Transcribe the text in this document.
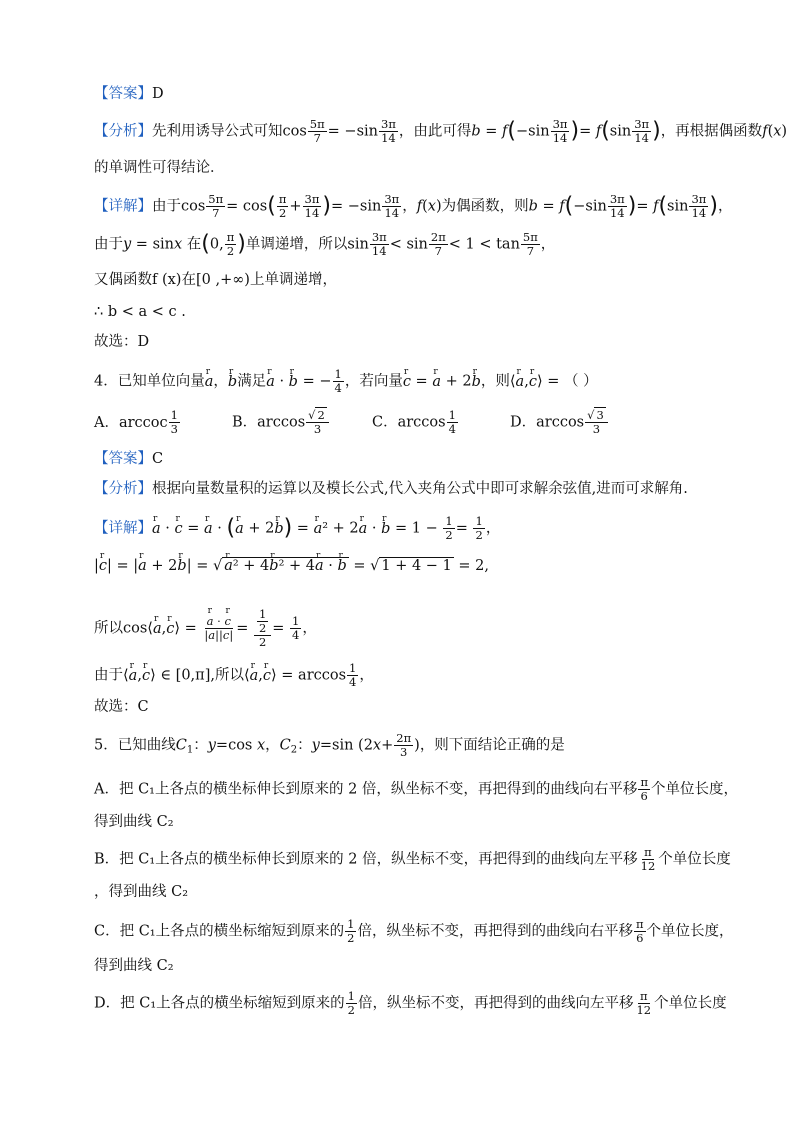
【答案】D
【分析】先利用诱导公式可知$\cos \frac{5\pi}{7} = -\sin \frac{3\pi}{14}$ ，由此可得$b = f(-\sin \frac{3\pi}{14}$ )= $f(\sin \frac{3\pi}{14}$ )，再根据偶函数f(x)
的单调性可得结论．
【详解】由于$\cos \frac{5\pi}{7} = \cos( \frac{\pi}{2} + \frac{3\pi}{14}$ )= $-\sin \frac{3\pi}{14}$ ，f(x)为偶函数，则$b = f(-\sin \frac{3\pi}{14}$ )= $f(\sin \frac{3\pi}{14}$ )，
由于y = sinx 在(0, $\frac{\pi}{2}$ )单调递增，所以$\sin \frac{3\pi}{14} < \sin \frac{2\pi}{7} < 1 < \tan \frac{5\pi}{7}$ ，
又偶函数f (x)在[0 ,+∞)上单调递增，
∴ b < a < c .
故选：D
4．已知单位向量r a，r b满足r a · r b = − $\frac{1}{4}$ ，若向量r c = r a + 2r b，则⟨r a,r c⟩ = （ ）
A．arccoc $\frac{1}{3}$	B．$\arccos \frac{√ 2}{3}$	C．$\arccos \frac{1}{4}$	D．$\arccos \frac{√ 3}{3}$
【答案】C
【分析】根据向量数量积的运算以及模长公式,代入夹角公式中即可求解余弦值,进而可求解角.
【详解】r a · r c = r a · (r a + 2r b) = r a² + 2r a · r $b = 1 - \frac{1}{2} = \frac{1}{2}$ ，
|r c| = |r a + 2r b| = √ r a² + 4r b² + 4r a · r b = √ 1 + 4 − 1 = 2,
所以cos⟨r a,r c⟩ = r $\frac{\text{a · r c}}{|a||c|} = \frac{\frac{1}{2}}{2} = \frac{1}{4}$ ，
由于⟨r a,r c⟩ ∈ [0,π],所以⟨r a,r c⟩ = $\arccos \frac{1}{4}$ ，
故选：C
5．已知曲线$C_1$：y=cos x，$C_2$：y=sin ($2x+ \frac{2\pi}{3}$ )，则下面结论正确的是
A．把 C₁上各点的横坐标伸长到原来的 2 倍，纵坐标不变，再把得到的曲线向右平移 $\frac{\pi}{6}$ 个单位长度，
得到曲线 C₂
B．把 C₁上各点的横坐标伸长到原来的 2 倍，纵坐标不变，再把得到的曲线向左平移 $\frac{\pi}{12}$ 个单位长度
，得到曲线 C₂
C．把 C₁上各点的横坐标缩短到原来的 $\frac{1}{2}$ 倍，纵坐标不变，再把得到的曲线向右平移 $\frac{\pi}{6}$ 个单位长度，
得到曲线 C₂
D．把 C₁上各点的横坐标缩短到原来的 $\frac{1}{2}$ 倍，纵坐标不变，再把得到的曲线向左平移 $\frac{\pi}{12}$ 个单位长度
